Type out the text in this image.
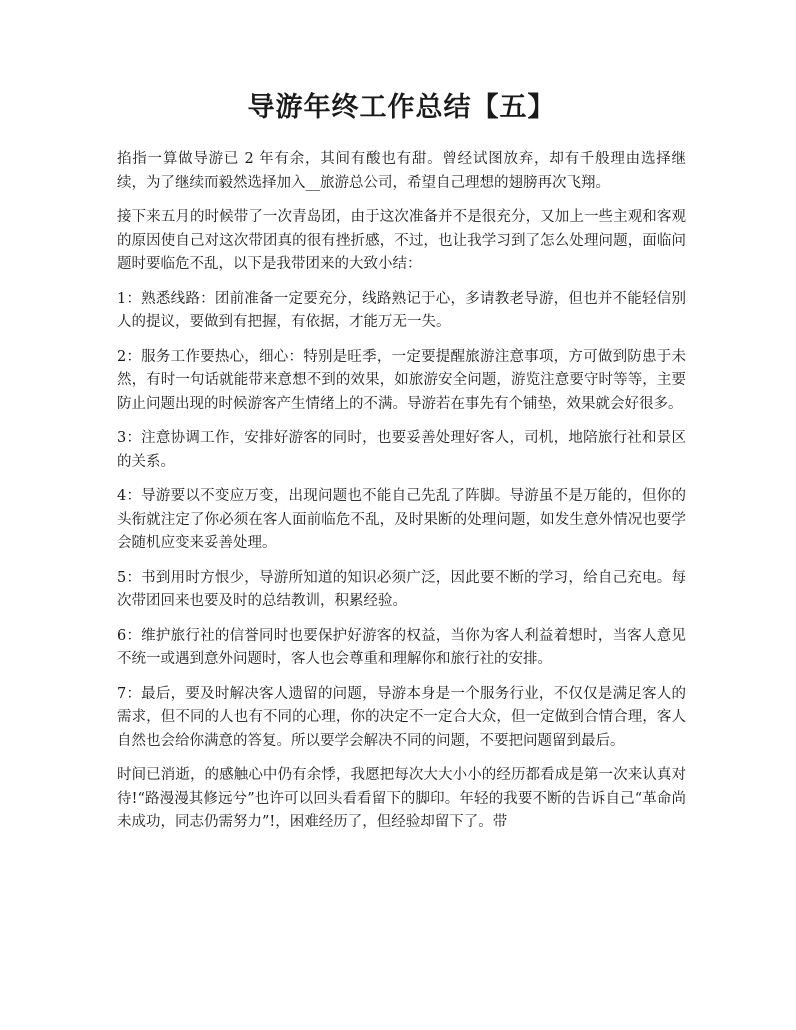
导游年终工作总结【五】

掐指一算做导游已 2 年有余，其间有酸也有甜。曾经试图放弃，却有千般理由选择继续，为了继续而毅然选择加入__旅游总公司，希望自己理想的翅膀再次飞翔。

接下来五月的时候带了一次青岛团，由于这次准备并不是很充分，又加上一些主观和客观的原因使自己对这次带团真的很有挫折感，不过，也让我学习到了怎么处理问题，面临问题时要临危不乱，以下是我带团来的大致小结：

1：熟悉线路：团前准备一定要充分，线路熟记于心，多请教老导游，但也并不能轻信别人的提议，要做到有把握，有依据，才能万无一失。

2：服务工作要热心，细心：特别是旺季，一定要提醒旅游注意事项，方可做到防患于未然，有时一句话就能带来意想不到的效果，如旅游安全问题，游览注意要守时等等，主要防止问题出现的时候游客产生情绪上的不满。导游若在事先有个铺垫，效果就会好很多。

3：注意协调工作，安排好游客的同时，也要妥善处理好客人，司机，地陪旅行社和景区的关系。

4：导游要以不变应万变，出现问题也不能自己先乱了阵脚。导游虽不是万能的，但你的头衔就注定了你必须在客人面前临危不乱，及时果断的处理问题，如发生意外情况也要学会随机应变来妥善处理。

5：书到用时方恨少，导游所知道的知识必须广泛，因此要不断的学习，给自己充电。每次带团回来也要及时的总结教训，积累经验。

6：维护旅行社的信誉同时也要保护好游客的权益，当你为客人利益着想时，当客人意见不统一或遇到意外问题时，客人也会尊重和理解你和旅行社的安排。

7：最后，要及时解决客人遗留的问题，导游本身是一个服务行业，不仅仅是满足客人的需求，但不同的人也有不同的心理，你的决定不一定合大众，但一定做到合情合理，客人自然也会给你满意的答复。所以要学会解决不同的问题，不要把问题留到最后。

时间已消逝，的感触心中仍有余悸，我愿把每次大大小小的经历都看成是第一次来认真对待!“路漫漫其修远兮”也许可以回头看看留下的脚印。年轻的我要不断的告诉自己“革命尚未成功，同志仍需努力”!，困难经历了，但经验却留下了。带
